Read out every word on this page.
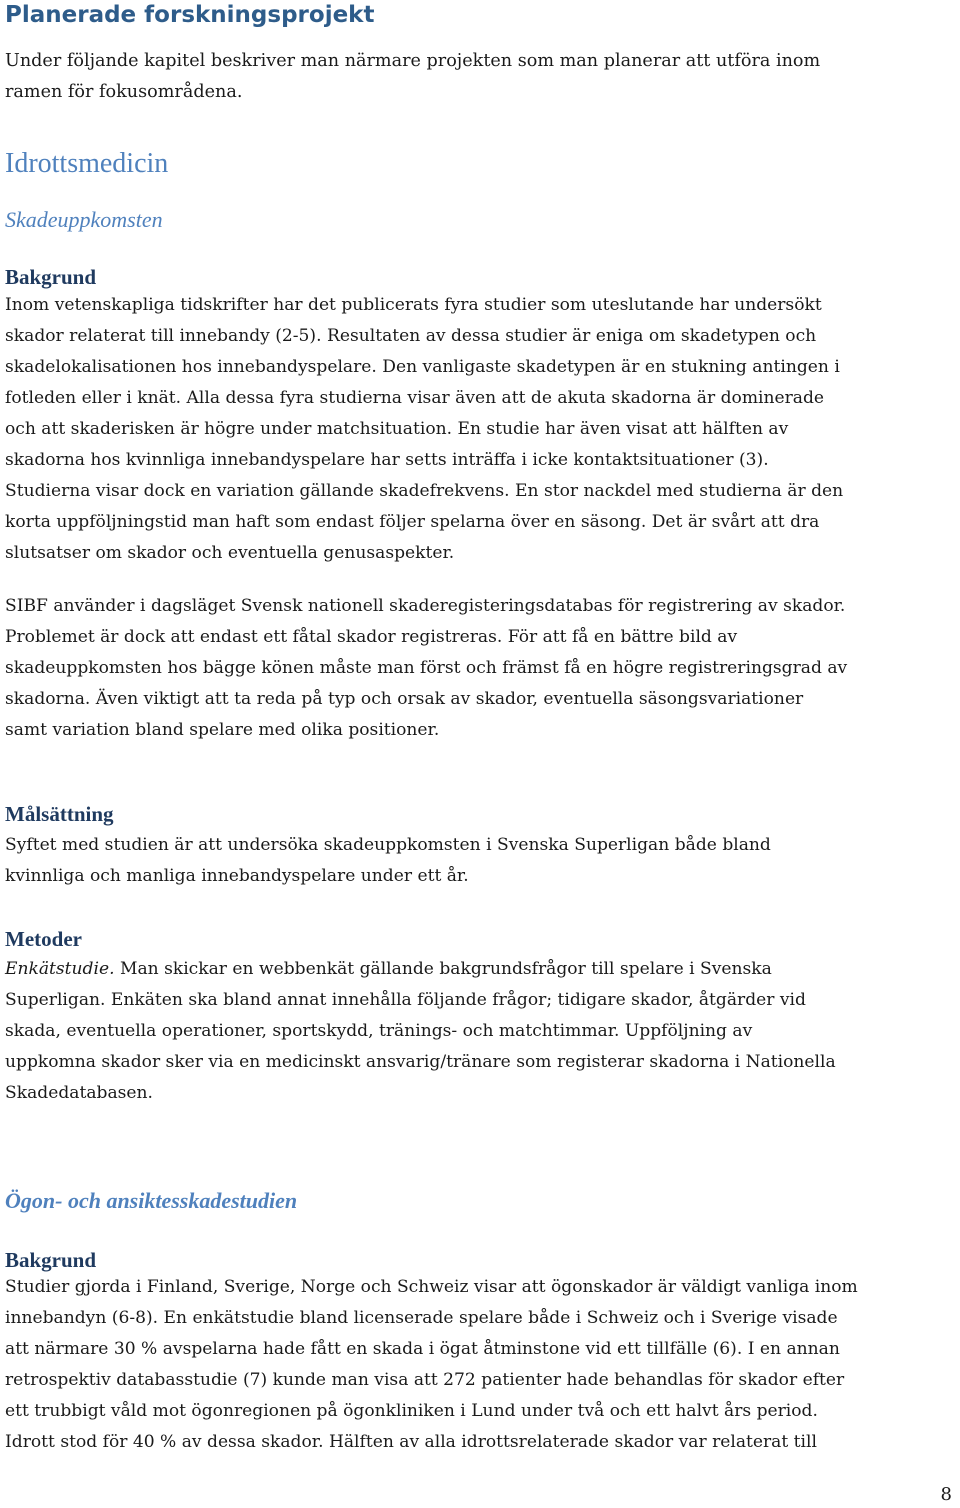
Planerade forskningsprojekt
Under följande kapitel beskriver man närmare projekten som man planerar att utföra inom
ramen för fokusområdena.
Idrottsmedicin
Skadeuppkomsten
Bakgrund
Inom vetenskapliga tidskrifter har det publicerats fyra studier som uteslutande har undersökt
skador relaterat till innebandy (2-5). Resultaten av dessa studier är eniga om skadetypen och
skadelokalisationen hos innebandyspelare. Den vanligaste skadetypen är en stukning antingen i
fotleden eller i knät. Alla dessa fyra studierna visar även att de akuta skadorna är dominerade
och att skaderisken är högre under matchsituation. En studie har även visat att hälften av
skadorna hos kvinnliga innebandyspelare har setts inträffa i icke kontaktsituationer (3).
Studierna visar dock en variation gällande skadefrekvens. En stor nackdel med studierna är den
korta uppföljningstid man haft som endast följer spelarna över en säsong. Det är svårt att dra
slutsatser om skador och eventuella genusaspekter.
SIBF använder i dagsläget Svensk nationell skaderegisteringsdatabas för registrering av skador.
Problemet är dock att endast ett fåtal skador registreras. För att få en bättre bild av
skadeuppkomsten hos bägge könen måste man först och främst få en högre registreringsgrad av
skadorna. Även viktigt att ta reda på typ och orsak av skador, eventuella säsongsvariationer
samt variation bland spelare med olika positioner.
Målsättning
Syftet med studien är att undersöka skadeuppkomsten i Svenska Superligan både bland
kvinnliga och manliga innebandyspelare under ett år.
Metoder
Enkätstudie. Man skickar en webbenkät gällande bakgrundsfrågor till spelare i Svenska
Superligan. Enkäten ska bland annat innehålla följande frågor; tidigare skador, åtgärder vid
skada, eventuella operationer, sportskydd, tränings- och matchtimmar. Uppföljning av
uppkomna skador sker via en medicinskt ansvarig/tränare som registerar skadorna i Nationella
Skadedatabasen.
Ögon- och ansiktesskadestudien
Bakgrund
Studier gjorda i Finland, Sverige, Norge och Schweiz visar att ögonskador är väldigt vanliga inom
innebandyn (6-8). En enkätstudie bland licenserade spelare både i Schweiz och i Sverige visade
att närmare 30 % avspelarna hade fått en skada i ögat åtminstone vid ett tillfälle (6). I en annan
retrospektiv databasstudie (7) kunde man visa att 272 patienter hade behandlas för skador efter
ett trubbigt våld mot ögonregionen på ögonkliniken i Lund under två och ett halvt års period.
Idrott stod för 40 % av dessa skador. Hälften av alla idrottsrelaterade skador var relaterat till
8
